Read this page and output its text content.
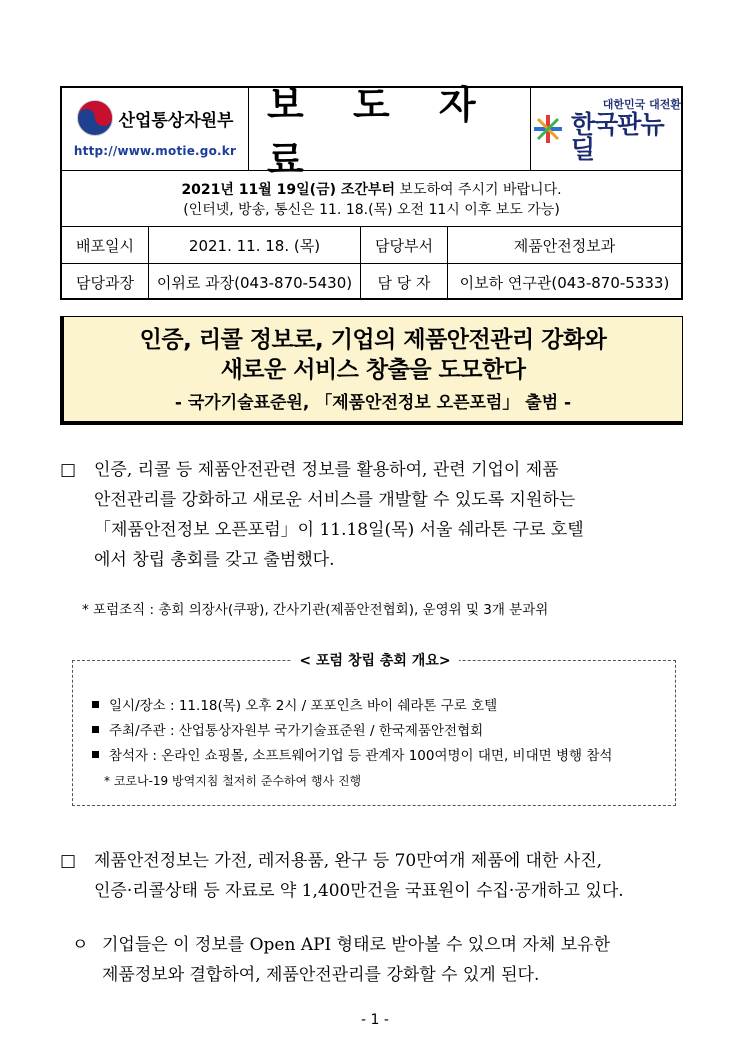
산업통상자원부
http://www.motie.go.kr
보 도 자 료
대한민국 대전환
한국판뉴딜
2021년 11월 19일(금) 조간부터 보도하여 주시기 바랍니다.
(인터넷, 방송, 통신은 11. 18.(목) 오전 11시 이후 보도 가능)
배포일시	2021. 11. 18. (목)	담당부서	제품안전정보과
담당과장	이위로 과장(043-870-5430)	담 당 자	이보하 연구관(043-870-5333)
인증, 리콜 정보로, 기업의 제품안전관리 강화와
새로운 서비스 창출을 도모한다
- 국가기술표준원, 「제품안전정보 오픈포럼」 출범 -
□ 인증, 리콜 등 제품안전관련 정보를 활용하여, 관련 기업이 제품
안전관리를 강화하고 새로운 서비스를 개발할 수 있도록 지원하는
「제품안전정보 오픈포럼」이 11.18일(목) 서울 쉐라톤 구로 호텔
에서 창립 총회를 갖고 출범했다.
* 포럼조직 : 총회 의장사(쿠팡), 간사기관(제품안전협회), 운영위 및 3개 분과위
< 포럼 창립 총회 개요>
일시/장소 : 11.18(목) 오후 2시 / 포포인츠 바이 쉐라톤 구로 호텔
주최/주관 : 산업통상자원부 국가기술표준원 / 한국제품안전협회
참석자 : 온라인 쇼핑몰, 소프트웨어기업 등 관계자 100여명이 대면, 비대면 병행 참석
* 코로나-19 방역지침 철저히 준수하여 행사 진행
□ 제품안전정보는 가전, 레저용품, 완구 등 70만여개 제품에 대한 사진,
인증·리콜상태 등 자료로 약 1,400만건을 국표원이 수집·공개하고 있다.
ㅇ 기업들은 이 정보를 Open API 형태로 받아볼 수 있으며 자체 보유한
제품정보와 결합하여, 제품안전관리를 강화할 수 있게 된다.
- 1 -
